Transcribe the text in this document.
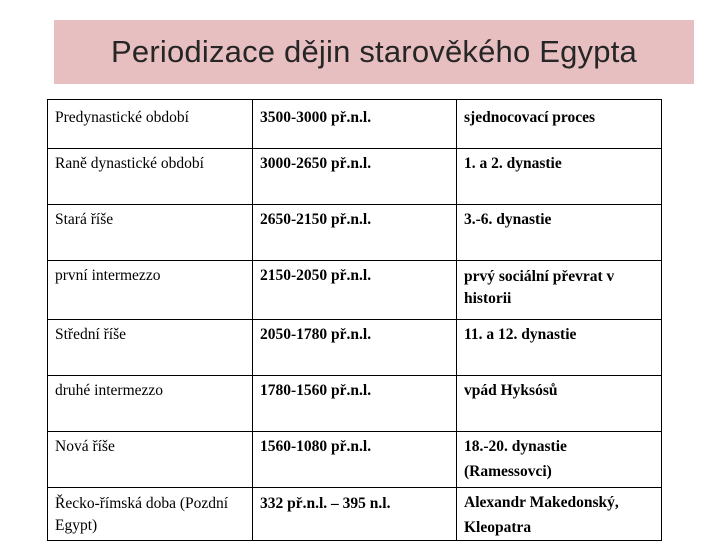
Periodizace dějin starověkého Egypta
Predynastické období	3500-3000 př.n.l.	sjednocovací proces
Raně dynastické období	3000-2650 př.n.l.	1. a 2. dynastie
Stará říše	2650-2150 př.n.l.	3.-6. dynastie
první intermezzo	2150-2050 př.n.l.	prvý sociální převrat v historii
Střední říše	2050-1780 př.n.l.	11. a 12. dynastie
druhé intermezzo	1780-1560 př.n.l.	vpád Hyksósů
Nová říše	1560-1080 př.n.l.	18.-20. dynastie (Ramessovci)
Řecko-římská doba (Pozdní Egypt)	332 př.n.l. – 395 n.l.	Alexandr Makedonský, Kleopatra
